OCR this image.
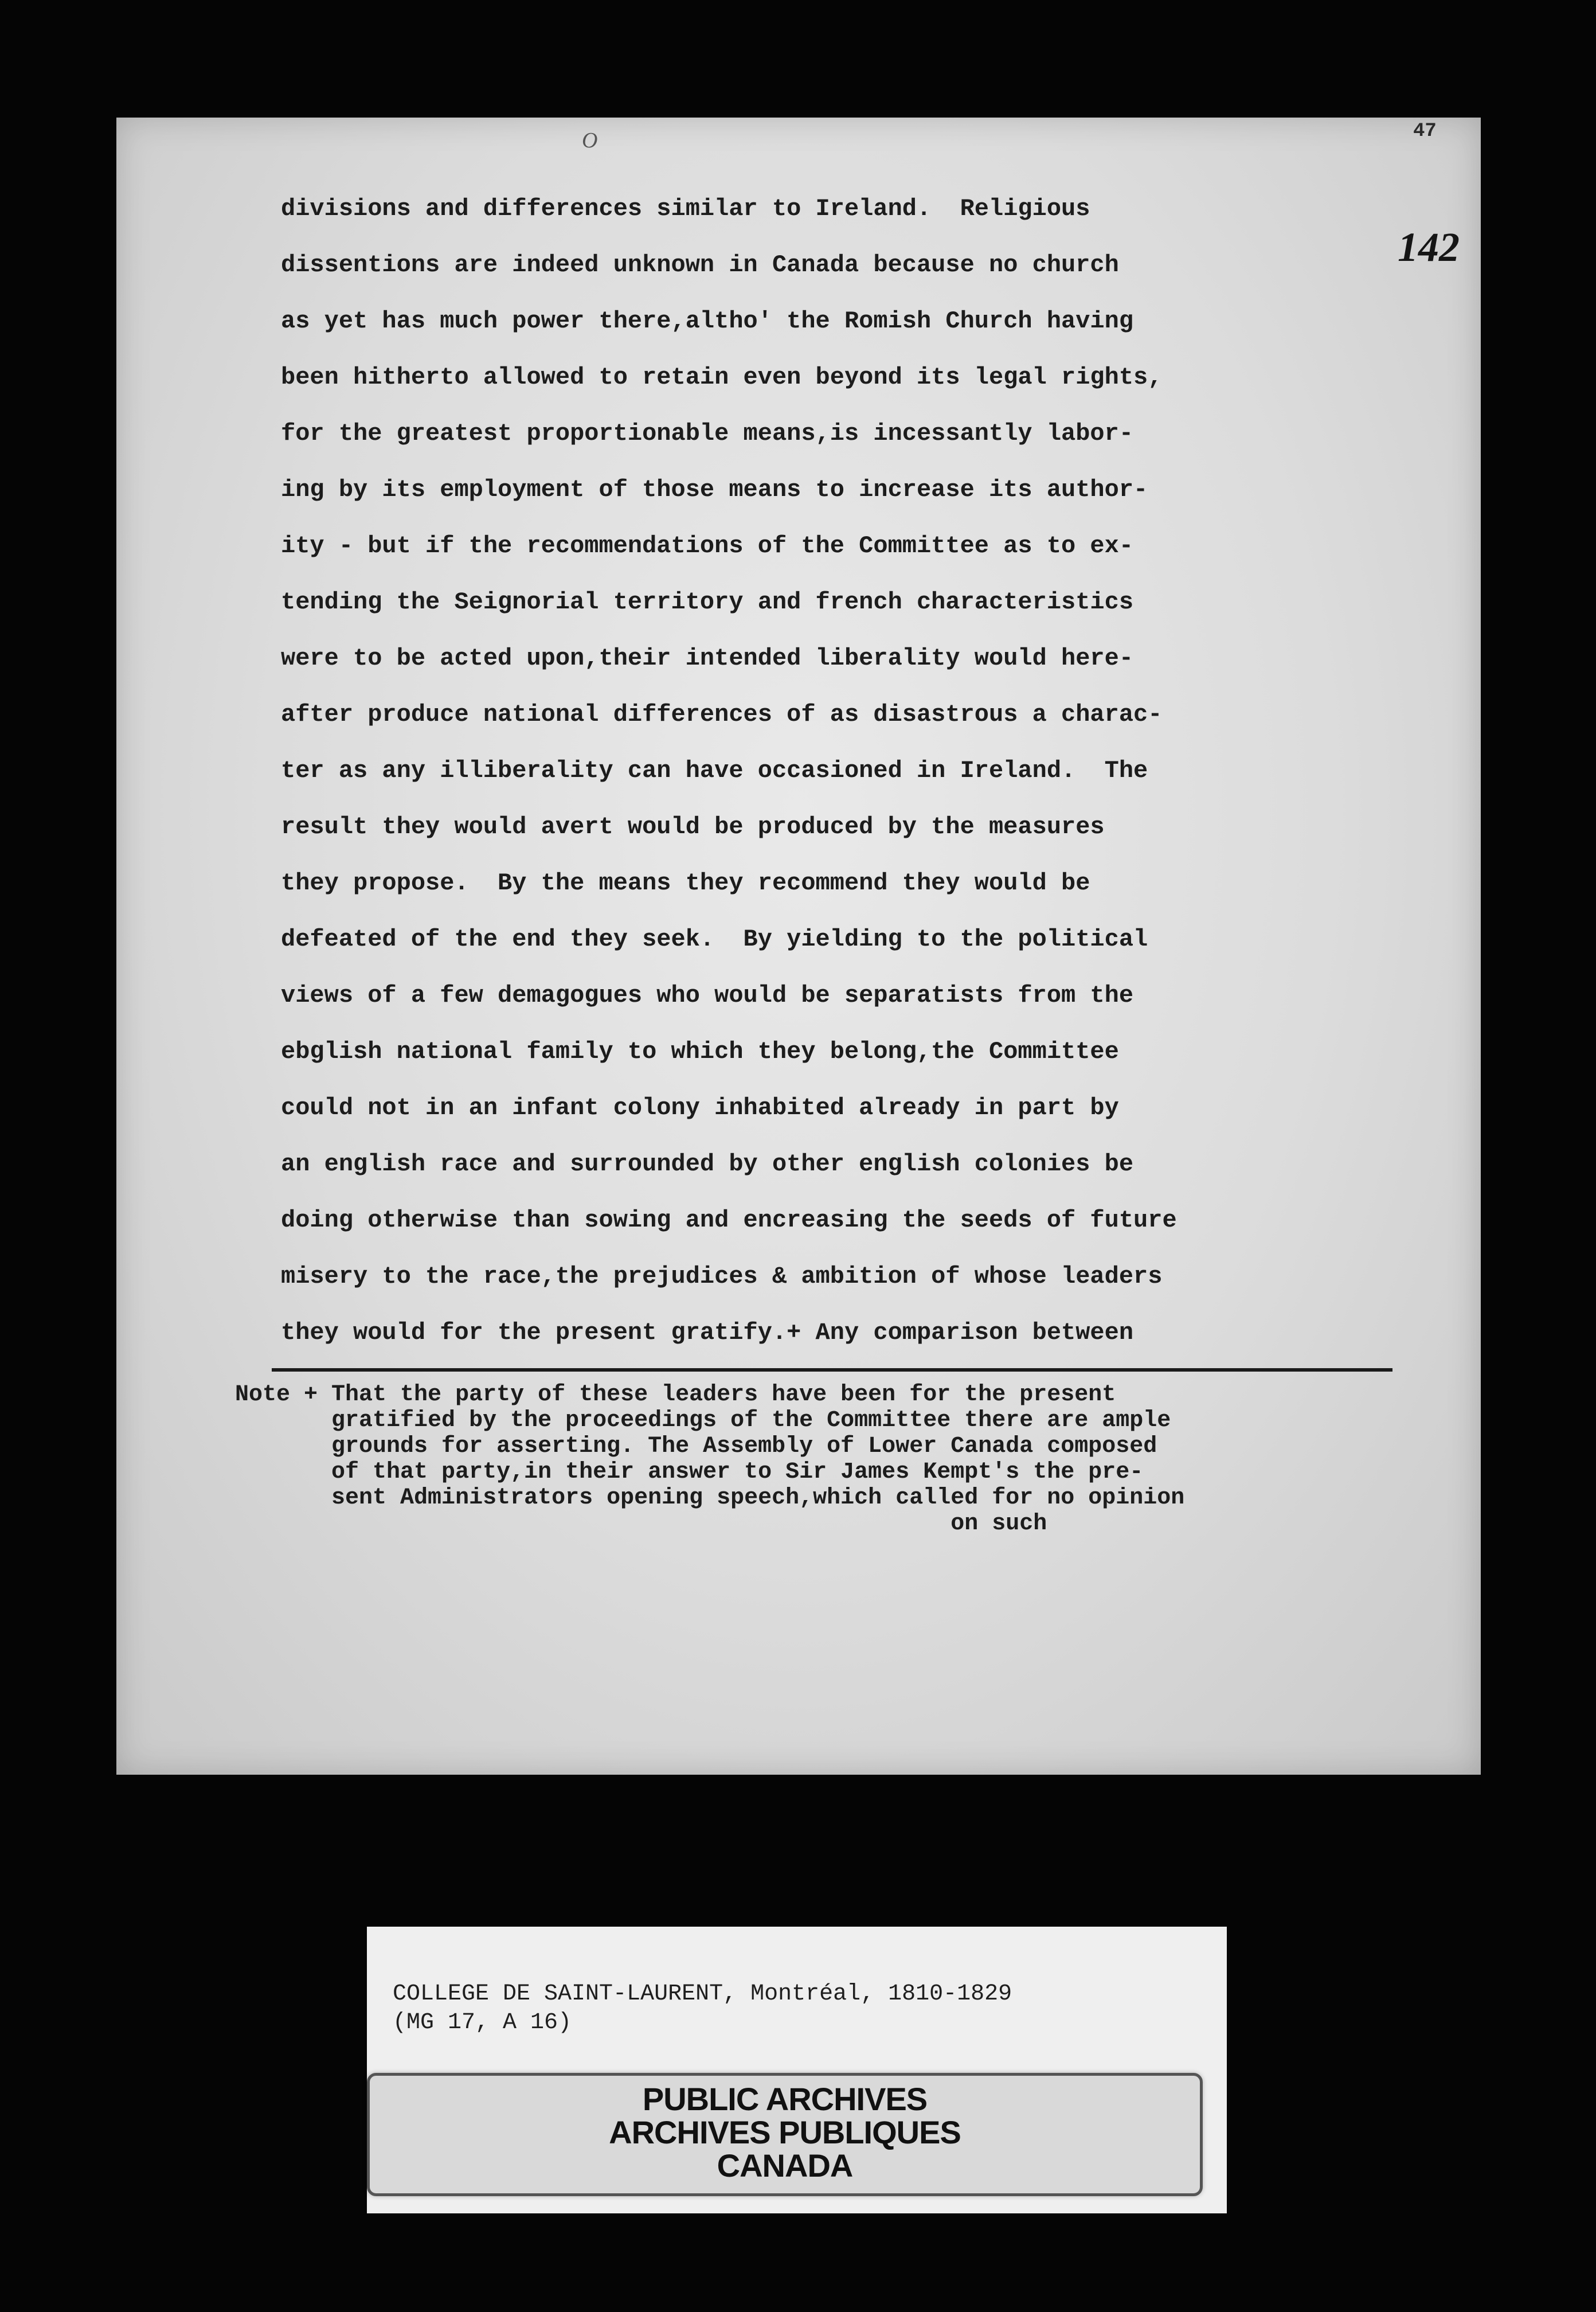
O	47
142
divisions and differences similar to Ireland.  Religious
dissentions are indeed unknown in Canada because no church
as yet has much power there,altho' the Romish Church having
been hitherto allowed to retain even beyond its legal rights,
for the greatest proportionable means,is incessantly labor-
ing by its employment of those means to increase its author-
ity - but if the recommendations of the Committee as to ex-
tending the Seignorial territory and french characteristics
were to be acted upon,their intended liberality would here-
after produce national differences of as disastrous a charac-
ter as any illiberality can have occasioned in Ireland.  The
result they would avert would be produced by the measures
they propose.  By the means they recommend they would be
defeated of the end they seek.  By yielding to the political
views of a few demagogues who would be separatists from the
ebglish national family to which they belong,the Committee
could not in an infant colony inhabited already in part by
an english race and surrounded by other english colonies be
doing otherwise than sowing and encreasing the seeds of future
misery to the race,the prejudices & ambition of whose leaders
they would for the present gratify.+ Any comparison between
Note + That the party of these leaders have been for the present
gratified by the proceedings of the Committee there are ample
grounds for asserting. The Assembly of Lower Canada composed
of that party,in their answer to Sir James Kempt's the pre-
sent Administrators opening speech,which called for no opinion
on such
COLLEGE DE SAINT-LAURENT, Montréal, 1810-1829
(MG 17, A 16)
PUBLIC ARCHIVES
ARCHIVES PUBLIQUES
CANADA
